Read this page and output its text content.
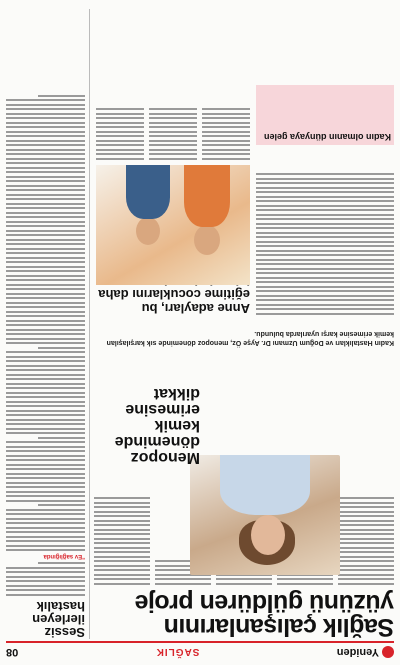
Yeniden
SAĞLIK
08
Sağlık çalışanlarının yüzünü güldüren proje
Sessiz ilerleyen hastalık
"Ev sağlığında
Menopoz döneminde kemik erimesine dikkat
Kadın Hastalıkları ve Doğum Uzmanı Dr. Ayşe Öz, menopoz döneminde sık karşılaşılan kemik erimesine karşı uyarılarda bulundu.
Kadın olmanın dünyaya gelen
Anne adayları, bu eğitime cocuklarını daha
